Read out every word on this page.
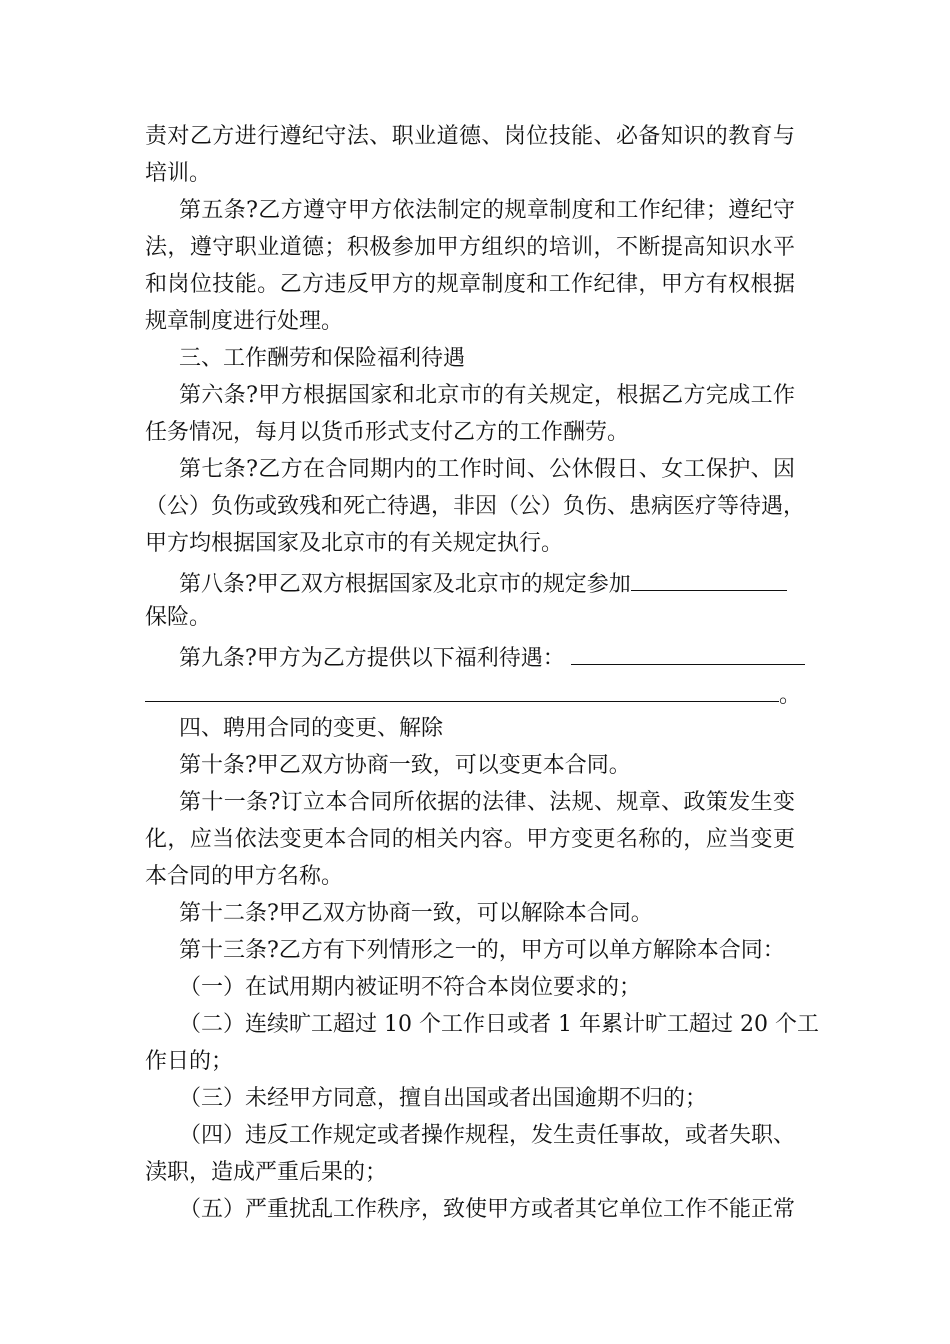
责对乙方进行遵纪守法、职业道德、岗位技能、必备知识的教育与
培训。
第五条?乙方遵守甲方依法制定的规章制度和工作纪律；遵纪守
法，遵守职业道德；积极参加甲方组织的培训，不断提高知识水平
和岗位技能。乙方违反甲方的规章制度和工作纪律，甲方有权根据
规章制度进行处理。
三、工作酬劳和保险福利待遇
第六条?甲方根据国家和北京市的有关规定，根据乙方完成工作
任务情况，每月以货币形式支付乙方的工作酬劳。
第七条?乙方在合同期内的工作时间、公休假日、女工保护、因
（公）负伤或致残和死亡待遇，非因（公）负伤、患病医疗等待遇，
甲方均根据国家及北京市的有关规定执行。
第八条?甲乙双方根据国家及北京市的规定参加
保险。
第九条?甲方为乙方提供以下福利待遇：
。
四、聘用合同的变更、解除
第十条?甲乙双方协商一致，可以变更本合同。
第十一条?订立本合同所依据的法律、法规、规章、政策发生变
化，应当依法变更本合同的相关内容。甲方变更名称的，应当变更
本合同的甲方名称。
第十二条?甲乙双方协商一致，可以解除本合同。
第十三条?乙方有下列情形之一的，甲方可以单方解除本合同：
（一）在试用期内被证明不符合本岗位要求的；
（二）连续旷工超过 10 个工作日或者 1 年累计旷工超过 20 个工
作日的；
（三）未经甲方同意，擅自出国或者出国逾期不归的；
（四）违反工作规定或者操作规程，发生责任事故，或者失职、
渎职，造成严重后果的；
（五）严重扰乱工作秩序，致使甲方或者其它单位工作不能正常
